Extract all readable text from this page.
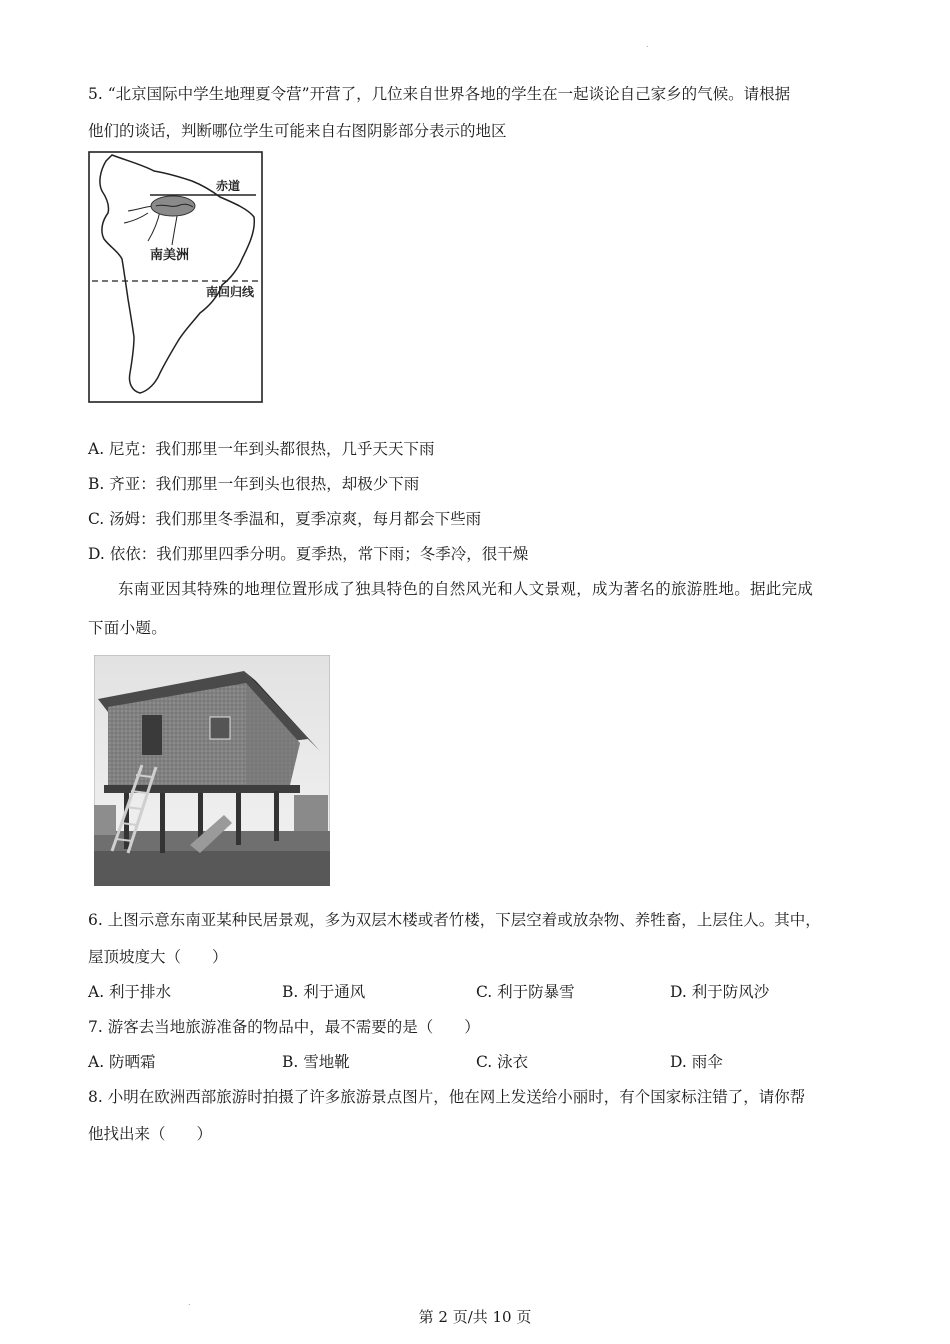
.
5. “北京国际中学生地理夏令营”开营了，几位来自世界各地的学生在一起谈论自己家乡的气候。请根据
他们的谈话，判断哪位学生可能来自右图阴影部分表示的地区
赤道
南美洲
南回归线
A. 尼克：我们那里一年到头都很热，几乎天天下雨
B. 齐亚：我们那里一年到头也很热，却极少下雨
C. 汤姆：我们那里冬季温和，夏季凉爽，每月都会下些雨
D. 依依：我们那里四季分明。夏季热，常下雨；冬季冷，很干燥
东南亚因其特殊的地理位置形成了独具特色的自然风光和人文景观，成为著名的旅游胜地。据此完成
下面小题。
6. 上图示意东南亚某种民居景观，多为双层木楼或者竹楼，下层空着或放杂物、养牲畜，上层住人。其中，
屋顶坡度大（　　）
A. 利于排水	B. 利于通风	C. 利于防暴雪	D. 利于防风沙
7. 游客去当地旅游准备的物品中，最不需要的是（　　）
A. 防晒霜	B. 雪地靴	C. 泳衣	D. 雨伞
8. 小明在欧洲西部旅游时拍摄了许多旅游景点图片，他在网上发送给小丽时，有个国家标注错了，请你帮
他找出来（　　）
.
第 2 页/共 10 页
